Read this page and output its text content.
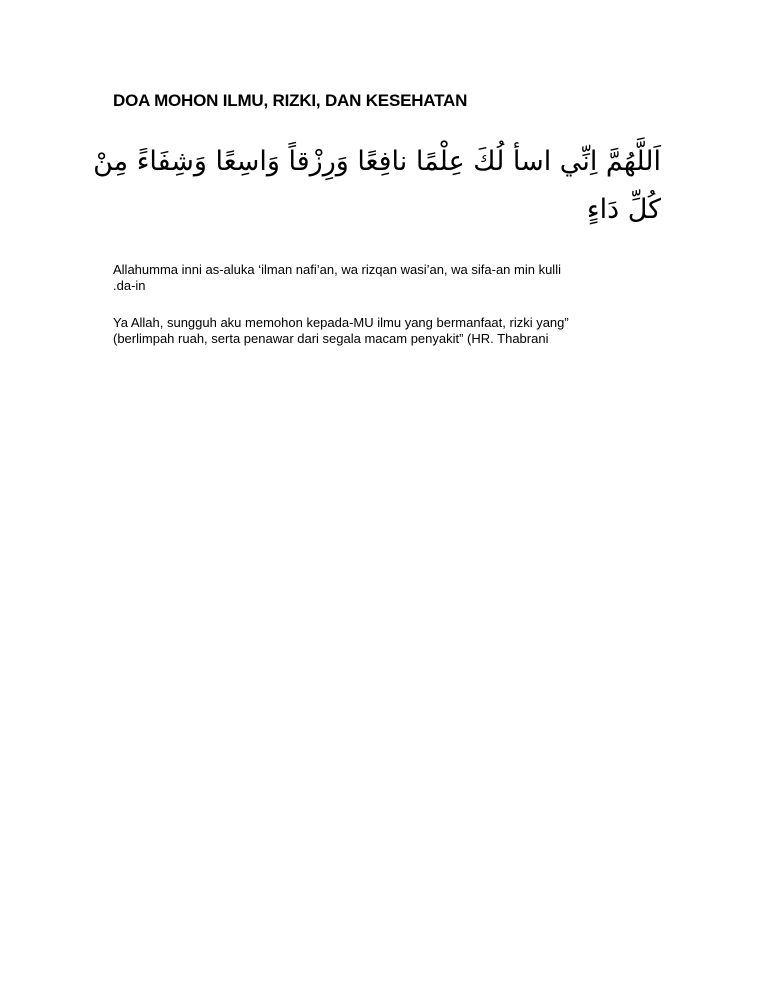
DOA MOHON ILMU, RIZKI, DAN KESEHATAN
اَللَّهُمَّ اِنِّي اسأ لُكَ عِلْمًا نافِعًا وَرِزْقاً وَاسِعًا وَشِفَاءً مِنْ
كُلِّ دَاءٍ
Allahumma inni as-aluka ‘ilman nafi’an, wa rizqan wasi’an, wa sifa-an min kulli
.da-in
Ya Allah, sungguh aku memohon kepada-MU ilmu yang bermanfaat, rizki yang”
(berlimpah ruah, serta penawar dari segala macam penyakit” (HR. Thabrani
